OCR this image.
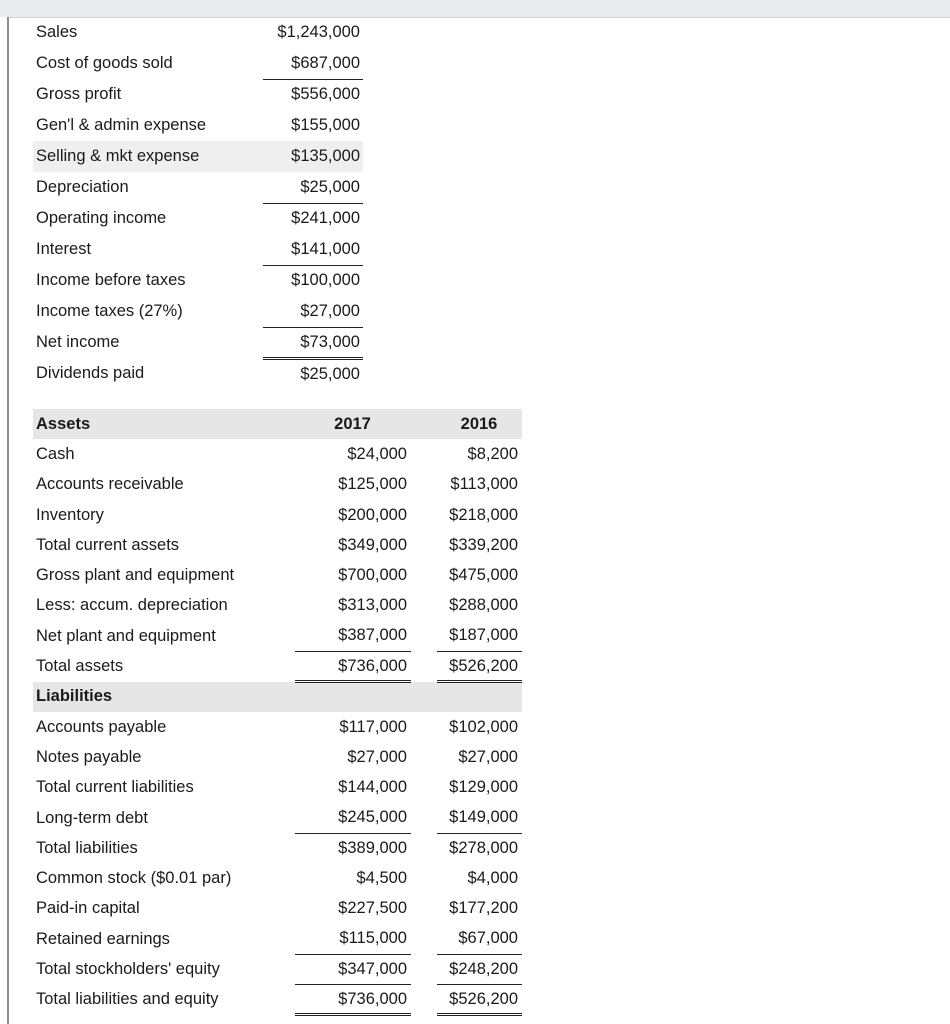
Sales	$1,243,000
Cost of goods sold	$687,000
Gross profit	$556,000
Gen'l & admin expense	$155,000
Selling & mkt expense	$135,000
Depreciation	$25,000
Operating income	$241,000
Interest	$141,000
Income before taxes	$100,000
Income taxes (27%)	$27,000
Net income	$73,000
Dividends paid	$25,000
Assets	2017		2016
Cash	$24,000		$8,200
Accounts receivable	$125,000		$113,000
Inventory	$200,000		$218,000
Total current assets	$349,000		$339,200
Gross plant and equipment	$700,000		$475,000
Less: accum. depreciation	$313,000		$288,000
Net plant and equipment	$387,000		$187,000
Total assets	$736,000		$526,200
Liabilities			
Accounts payable	$117,000		$102,000
Notes payable	$27,000		$27,000
Total current liabilities	$144,000		$129,000
Long-term debt	$245,000		$149,000
Total liabilities	$389,000		$278,000
Common stock ($0.01 par)	$4,500		$4,000
Paid-in capital	$227,500		$177,200
Retained earnings	$115,000		$67,000
Total stockholders' equity	$347,000		$248,200
Total liabilities and equity	$736,000		$526,200
